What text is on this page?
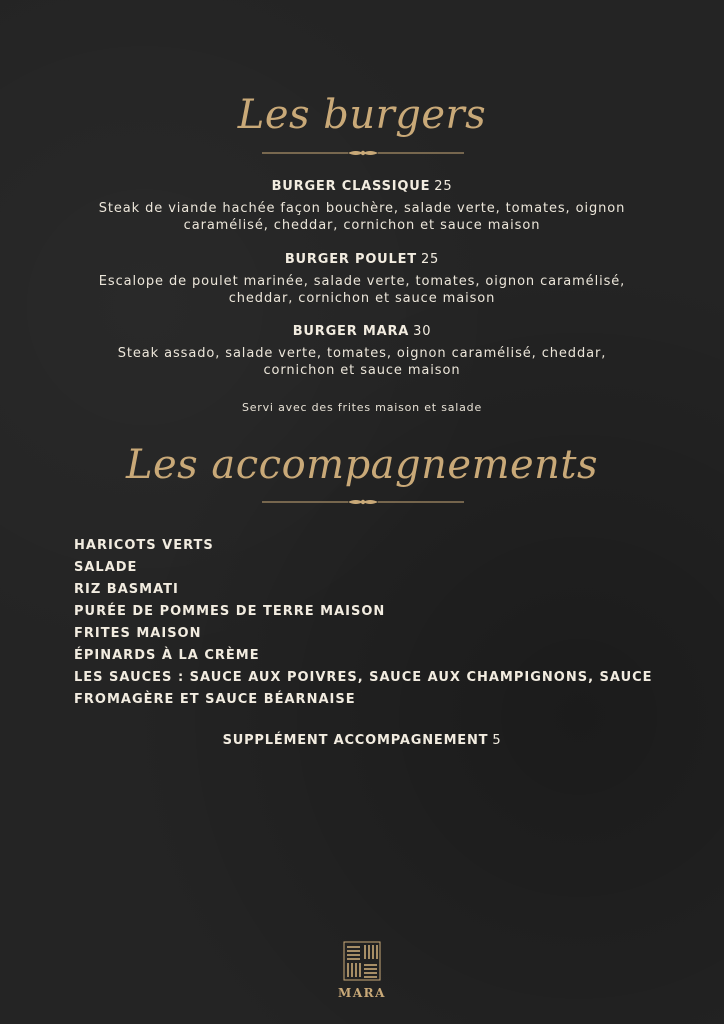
Les burgers
BURGER CLASSIQUE 25
Steak de viande hachée façon bouchère, salade verte, tomates, oignon
caramélisé, cheddar, cornichon et sauce maison
BURGER POULET 25
Escalope de poulet marinée, salade verte, tomates, oignon caramélisé,
cheddar, cornichon et sauce maison
BURGER MARA 30
Steak assado, salade verte, tomates, oignon caramélisé, cheddar,
cornichon et sauce maison
Servi avec des frites maison et salade
Les accompagnements
HARICOTS VERTS
SALADE
RIZ BASMATI
PURÉE DE POMMES DE TERRE MAISON
FRITES MAISON
ÉPINARDS À LA CRÈME
LES SAUCES : SAUCE AUX POIVRES, SAUCE AUX CHAMPIGNONS, SAUCE
FROMAGÈRE ET SAUCE BÉARNAISE
SUPPLÉMENT ACCOMPAGNEMENT 5
MARA
